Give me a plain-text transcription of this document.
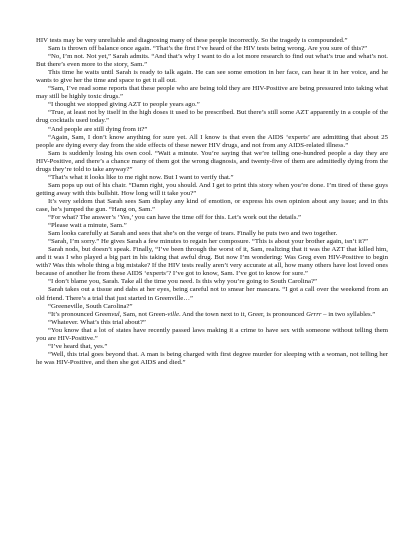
HIV tests may be very unreliable and diagnosing many of these people incorrectly. So the tragedy is compounded.”

Sam is thrown off balance once again. “That’s the first I’ve heard of the HIV tests being wrong. Are you sure of this?”

“No, I’m not. Not yet,” Sarah admits. “And that’s why I want to do a lot more research to find out what’s true and what’s not. But there’s even more to the story, Sam.”

This time he waits until Sarah is ready to talk again. He can see some emotion in her face, can hear it in her voice, and he wants to give her the time and space to get it all out.

“Sam, I’ve read some reports that these people who are being told they are HIV-Positive are being pressured into taking what may still be highly toxic drugs.”

“I thought we stopped giving AZT to people years ago.”

“True, at least not by itself in the high doses it used to be prescribed. But there’s still some AZT apparently in a couple of the drug cocktails used today.”

“And people are still dying from it?”

“Again, Sam, I don’t know anything for sure yet. All I know is that even the AIDS ‘experts’ are admitting that about 25 people are dying every day from the side effects of these newer HIV drugs, and not from any AIDS-related illness.”

Sam is suddenly losing his own cool. “Wait a minute. You’re saying that we’re telling one-hundred people a day they are HIV-Positive, and there’s a chance many of them got the wrong diagnosis, and twenty-five of them are admittedly dying from the drugs they’re told to take anyway?”

“That’s what it looks like to me right now. But I want to verify that.”

Sam pops up out of his chair. “Damn right, you should. And I get to print this story when you’re done. I’m tired of these guys getting away with this bullshit. How long will it take you?”

It’s very seldom that Sarah sees Sam display any kind of emotion, or express his own opinion about any issue; and in this case, he’s jumped the gun. “Hang on, Sam.”

“For what? The answer’s ‘Yes,’ you can have the time off for this. Let’s work out the details.”

“Please wait a minute, Sam.”

Sam looks carefully at Sarah and sees that she’s on the verge of tears. Finally he puts two and two together.

“Sarah, I’m sorry.” He gives Sarah a few minutes to regain her composure. “This is about your brother again, isn’t it?”

Sarah nods, but doesn’t speak. Finally, “I’ve been through the worst of it, Sam, realizing that it was the AZT that killed him, and it was I who played a big part in his taking that awful drug. But now I’m wondering: Was Greg even HIV-Positive to begin with? Was this whole thing a big mistake? If the HIV tests really aren’t very accurate at all, how many others have lost loved ones because of another lie from these AIDS ‘experts’? I’ve got to know, Sam. I’ve got to know for sure.”

“I don’t blame you, Sarah. Take all the time you need. Is this why you’re going to South Carolina?”

Sarah takes out a tissue and dabs at her eyes, being careful not to smear her mascara. “I got a call over the weekend from an old friend. There’s a trial that just started in Greenville…”

“Greeneville, South Carolina?”

“It’s pronounced Greenvul, Sam, not Green-ville. And the town next to it, Greer, is pronounced Grrrr – in two syllables.”

“Whatever. What’s this trial about?”

“You know that a lot of states have recently passed laws making it a crime to have sex with someone without telling them you are HIV-Positive.”

“I’ve heard that, yes.”

“Well, this trial goes beyond that. A man is being charged with first degree murder for sleeping with a woman, not telling her he was HIV-Positive, and then she got AIDS and died.”
